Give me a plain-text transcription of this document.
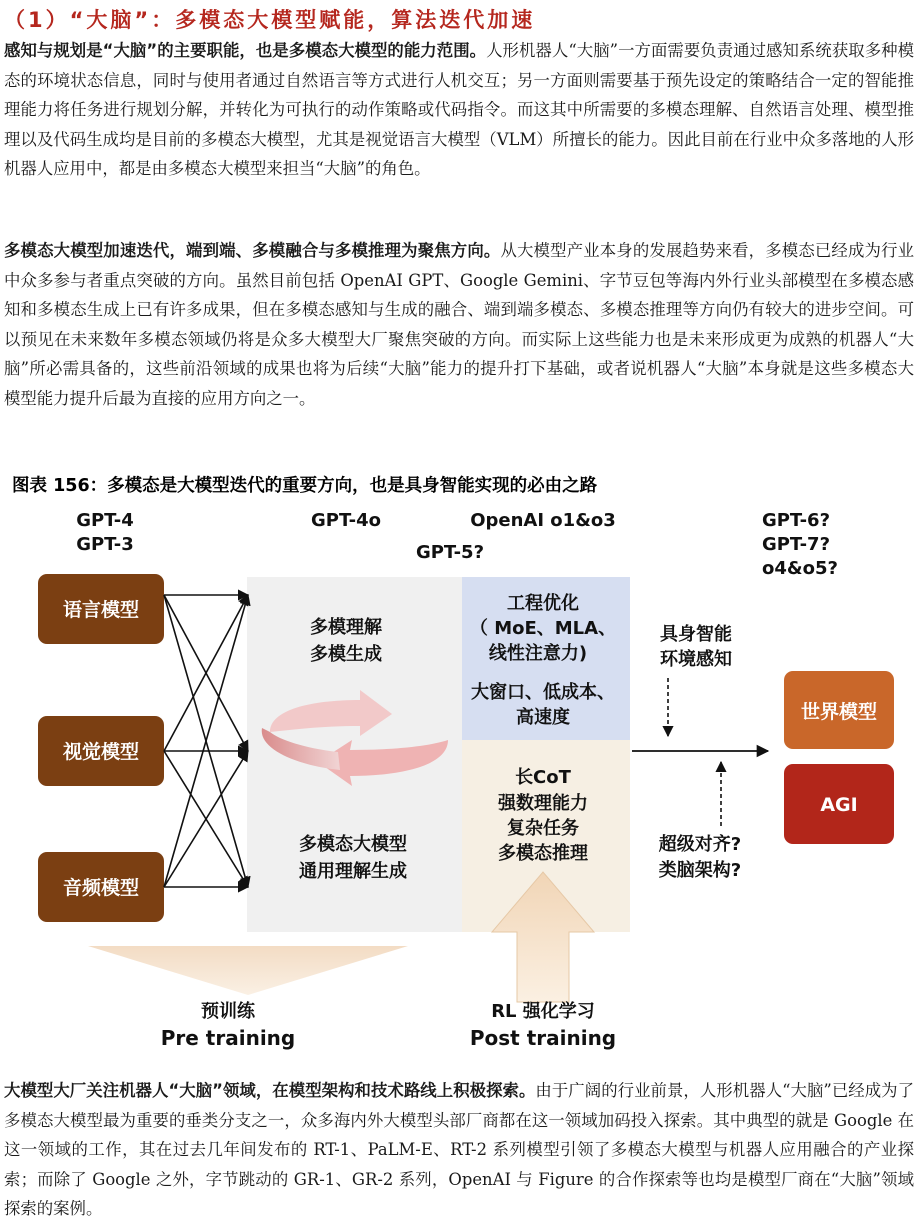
（1）“大脑”：多模态大模型赋能，算法迭代加速
感知与规划是“大脑”的主要职能，也是多模态大模型的能力范围。人形机器人“大脑”一方面需要负责通过感知系统获取多种模态的环境状态信息，同时与使用者通过自然语言等方式进行人机交互；另一方面则需要基于预先设定的策略结合一定的智能推理能力将任务进行规划分解，并转化为可执行的动作策略或代码指令。而这其中所需要的多模态理解、自然语言处理、模型推理以及代码生成均是目前的多模态大模型，尤其是视觉语言大模型（VLM）所擅长的能力。因此目前在行业中众多落地的人形机器人应用中，都是由多模态大模型来担当“大脑”的角色。
多模态大模型加速迭代，端到端、多模融合与多模推理为聚焦方向。从大模型产业本身的发展趋势来看，多模态已经成为行业中众多参与者重点突破的方向。虽然目前包括 OpenAI GPT、Google Gemini、字节豆包等海内外行业头部模型在多模态感知和多模态生成上已有许多成果，但在多模态感知与生成的融合、端到端多模态、多模态推理等方向仍有较大的进步空间。可以预见在未来数年多模态领域仍将是众多大模型大厂聚焦突破的方向。而实际上这些能力也是未来形成更为成熟的机器人“大脑”所必需具备的，这些前沿领域的成果也将为后续“大脑”能力的提升打下基础，或者说机器人“大脑”本身就是这些多模态大模型能力提升后最为直接的应用方向之一。
图表 156：多模态是大模型迭代的重要方向，也是具身智能实现的必由之路
GPT-4
GPT-3
GPT-4o	OpenAI o1&o3
GPT-5?
GPT-6?
GPT-7?
o4&o5?
语言模型
视觉模型
音频模型
多模理解
多模生成
多模态大模型
通用理解生成
工程优化
（ MoE、MLA、
线性注意力)
大窗口、低成本、
高速度
长CoT
强数理能力
复杂任务
多模态推理
具身智能
环境感知
超级对齐?
类脑架构?
世界模型
AGI
预训练
Pre training
RL 强化学习
Post training
大模型大厂关注机器人“大脑”领域，在模型架构和技术路线上积极探索。由于广阔的行业前景，人形机器人“大脑”已经成为了多模态大模型最为重要的垂类分支之一，众多海内外大模型头部厂商都在这一领域加码投入探索。其中典型的就是 Google 在这一领域的工作，其在过去几年间发布的 RT-1、PaLM-E、RT-2 系列模型引领了多模态大模型与机器人应用融合的产业探索；而除了 Google 之外，字节跳动的 GR-1、GR-2 系列，OpenAI 与 Figure 的合作探索等也均是模型厂商在“大脑”领域探索的案例。
